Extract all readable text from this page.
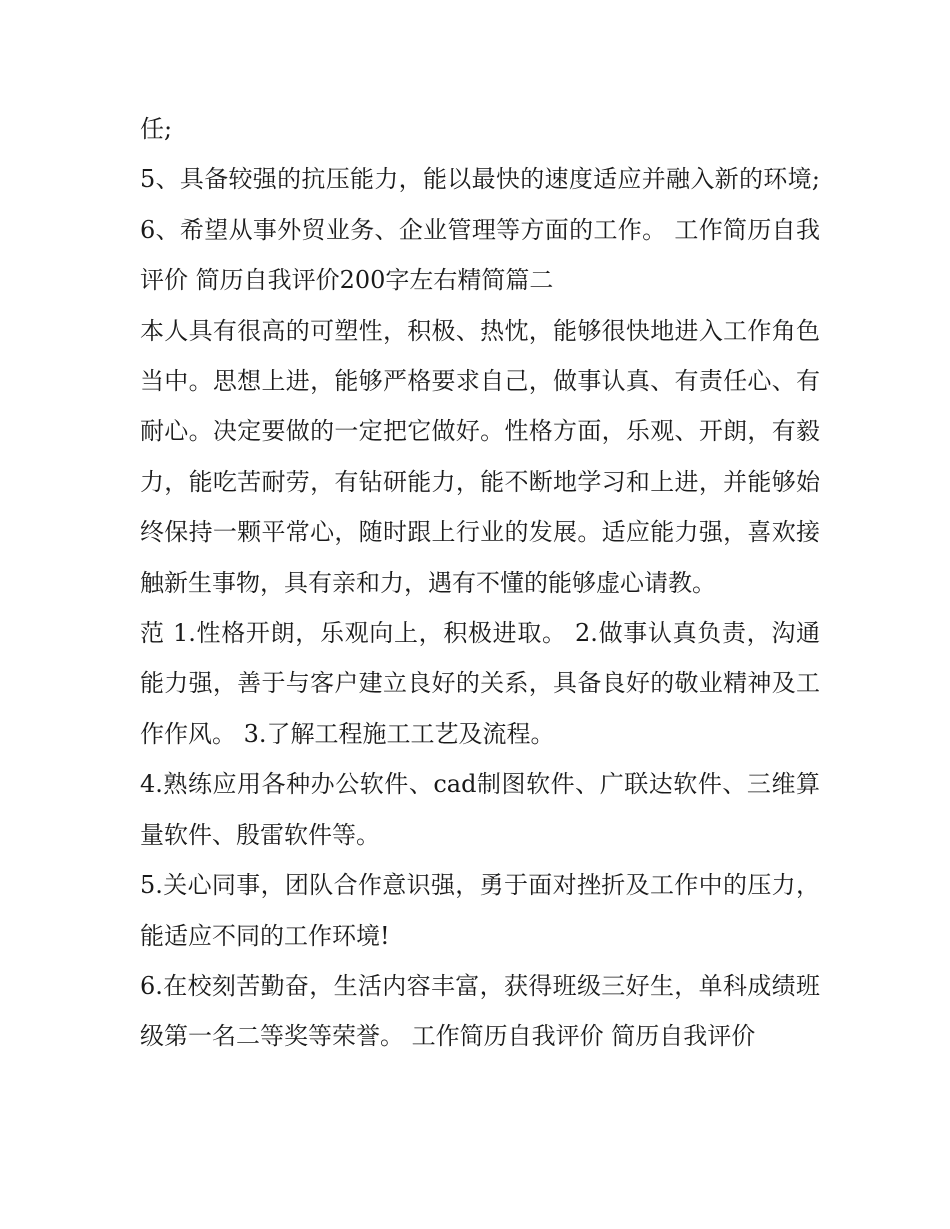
任;

5、具备较强的抗压能力，能以最快的速度适应并融入新的环境; 6、希望从事外贸业务、企业管理等方面的工作。 工作简历自我评价 简历自我评价200字左右精简篇二

本人具有很高的可塑性，积极、热忱，能够很快地进入工作角色当中。思想上进，能够严格要求自己，做事认真、有责任心、有耐心。决定要做的一定把它做好。性格方面，乐观、开朗，有毅力，能吃苦耐劳，有钻研能力，能不断地学习和上进，并能够始终保持一颗平常心，随时跟上行业的发展。适应能力强，喜欢接触新生事物，具有亲和力，遇有不懂的能够虚心请教。

范 1.性格开朗，乐观向上，积极进取。 2.做事认真负责，沟通能力强，善于与客户建立良好的关系，具备良好的敬业精神及工作作风。 3.了解工程施工工艺及流程。

4.熟练应用各种办公软件、cad制图软件、广联达软件、三维算量软件、殷雷软件等。

5.关心同事，团队合作意识强，勇于面对挫折及工作中的压力，能适应不同的工作环境!

6.在校刻苦勤奋，生活内容丰富，获得班级三好生，单科成绩班级第一名二等奖等荣誉。 工作简历自我评价 简历自我评价
